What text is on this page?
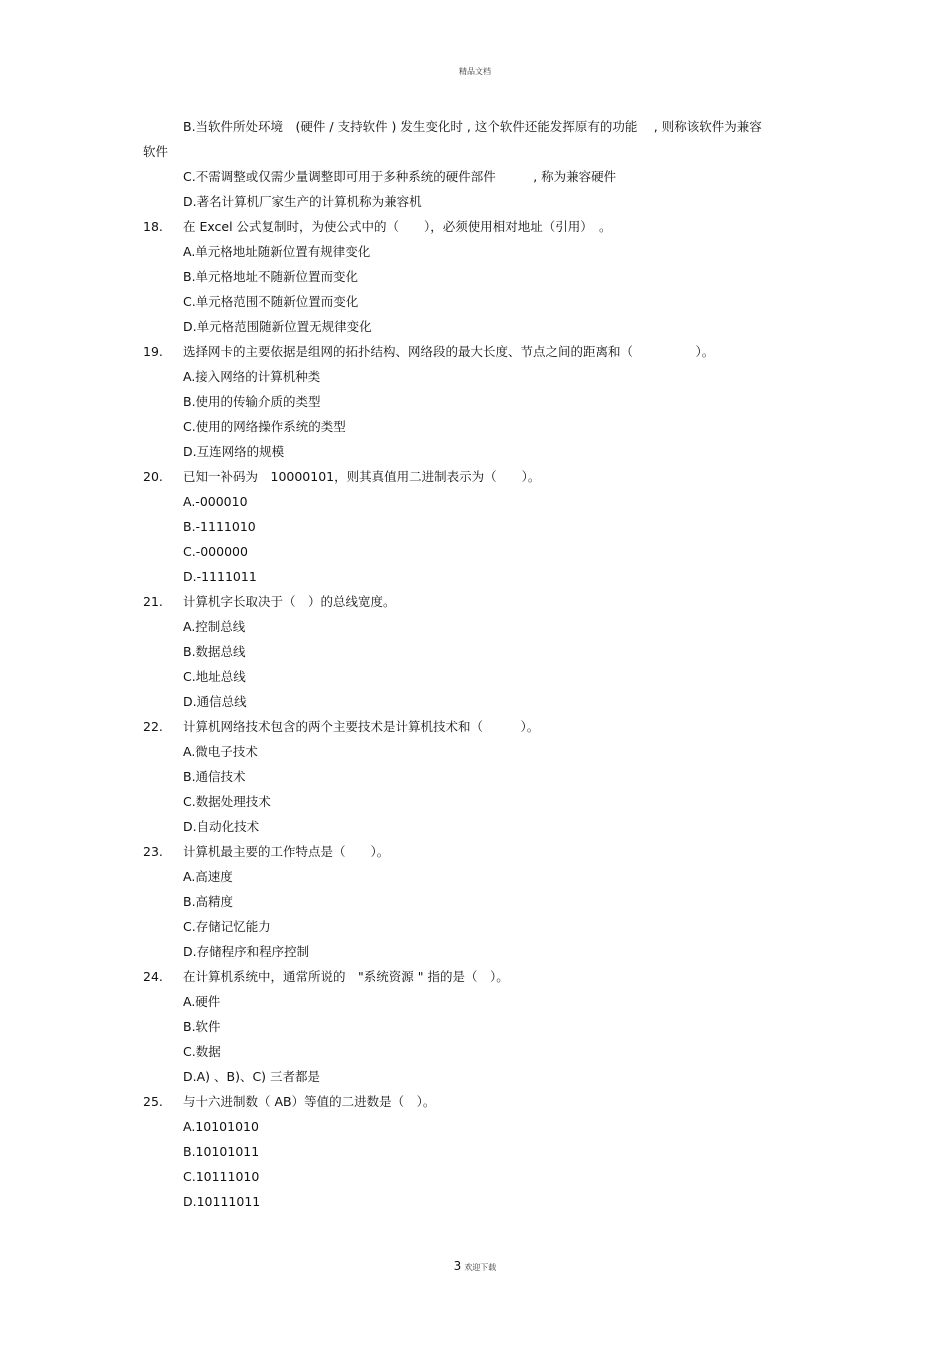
精品文档
B.当软件所处环境　(硬件 / 支持软件 ) 发生变化时 , 这个软件还能发挥原有的功能　 , 则称该软件为兼容
软件
C.不需调整或仅需少量调整即可用于多种系统的硬件部件　　　, 称为兼容硬件
D.著名计算机厂家生产的计算机称为兼容机
18. 在 Excel 公式复制时，为使公式中的（　　），必须使用相对地址（引用）　。
A.单元格地址随新位置有规律变化
B.单元格地址不随新位置而变化
C.单元格范围不随新位置而变化
D.单元格范围随新位置无规律变化
19. 选择网卡的主要依据是组网的拓扑结构、网络段的最大长度、节点之间的距离和（　　　　　）。
A.接入网络的计算机种类
B.使用的传输介质的类型
C.使用的网络操作系统的类型
D.互连网络的规模
20. 已知一补码为　10000101，则其真值用二进制表示为（　　）。
A.-000010
B.-1111010
C.-000000
D.-1111011
21. 计算机字长取决于（　）的总线宽度。
A.控制总线
B.数据总线
C.地址总线
D.通信总线
22. 计算机网络技术包含的两个主要技术是计算机技术和（　　　）。
A.微电子技术
B.通信技术
C.数据处理技术
D.自动化技术
23. 计算机最主要的工作特点是（　　）。
A.高速度
B.高精度
C.存储记忆能力
D.存储程序和程序控制
24. 在计算机系统中，通常所说的　"系统资源 " 指的是（　）。
A.硬件
B.软件
C.数据
D.A) 、B)、C) 三者都是
25. 与十六进制数（ AB）等值的二进数是（　）。
A.10101010
B.10101011
C.10111010
D.10111011
3 欢迎下载
